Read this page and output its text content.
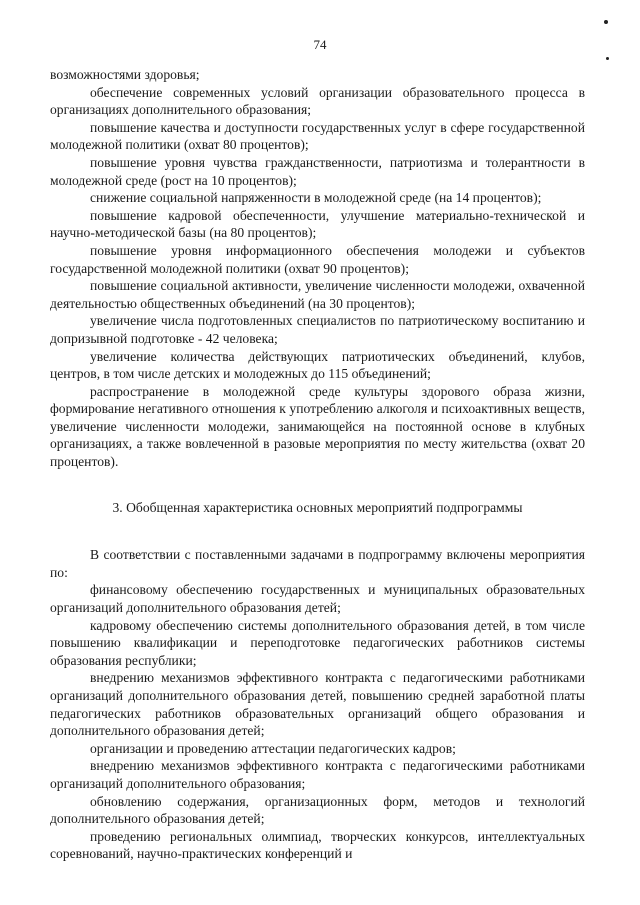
74

возможностями здоровья;

обеспечение современных условий организации образовательного процесса в организациях дополнительного образования;

повышение качества и доступности государственных услуг в сфере государственной молодежной политики (охват 80 процентов);

повышение уровня чувства гражданственности, патриотизма и толерантности в молодежной среде (рост на 10 процентов);

снижение социальной напряженности в молодежной среде (на 14 процентов);

повышение кадровой обеспеченности, улучшение материально-технической и научно-методической базы (на 80 процентов);

повышение уровня информационного обеспечения молодежи и субъектов государственной молодежной политики (охват 90 процентов);

повышение социальной активности, увеличение численности молодежи, охваченной деятельностью общественных объединений (на 30 процентов);

увеличение числа подготовленных специалистов по патриотическому воспитанию и допризывной подготовке - 42 человека;

увеличение количества действующих патриотических объединений, клубов, центров, в том числе детских и молодежных до 115 объединений;

распространение в молодежной среде культуры здорового образа жизни, формирование негативного отношения к употреблению алкоголя и психоактивных веществ, увеличение численности молодежи, занимающейся на постоянной основе в клубных организациях, а также вовлеченной в разовые мероприятия по месту жительства (охват 20 процентов).

3. Обобщенная характеристика основных мероприятий подпрограммы

В соответствии с поставленными задачами в подпрограмму включены мероприятия по:

финансовому обеспечению государственных и муниципальных образовательных организаций дополнительного образования детей;

кадровому обеспечению системы дополнительного образования детей, в том числе повышению квалификации и переподготовке педагогических работников системы образования республики;

внедрению механизмов эффективного контракта с педагогическими работниками организаций дополнительного образования детей, повышению средней заработной платы педагогических работников образовательных организаций общего образования и дополнительного образования детей;

организации и проведению аттестации педагогических кадров;

внедрению механизмов эффективного контракта с педагогическими работниками организаций дополнительного образования;

обновлению содержания, организационных форм, методов и технологий дополнительного образования детей;

проведению региональных олимпиад, творческих конкурсов, интеллектуальных соревнований, научно-практических конференций и
